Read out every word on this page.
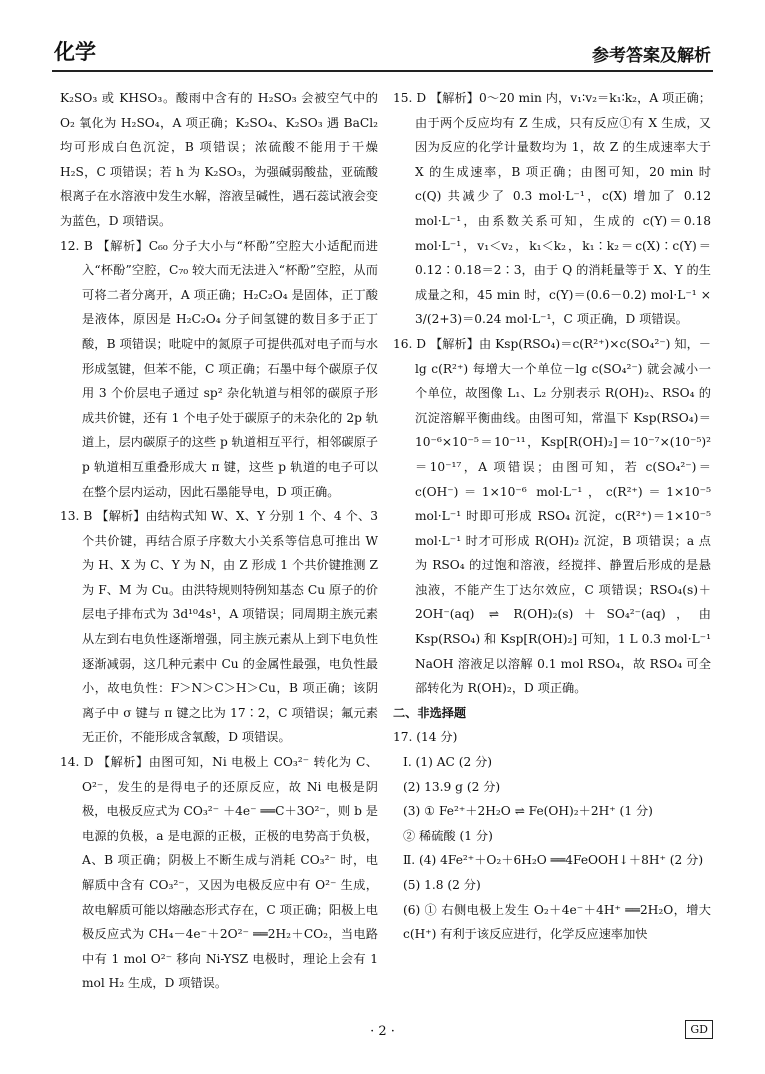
化学	参考答案及解析

K₂SO₃ 或 KHSO₃。酸雨中含有的 H₂SO₃ 会被空气中的 O₂ 氧化为 H₂SO₄，A 项正确；K₂SO₄、K₂SO₃ 遇 BaCl₂ 均可形成白色沉淀，B 项错误；浓硫酸不能用于干燥 H₂S，C 项错误；若 h 为 K₂SO₃，为强碱弱酸盐，亚硫酸根离子在水溶液中发生水解，溶液呈碱性，遇石蕊试液会变为蓝色，D 项错误。

12. B 【解析】C₆₀ 分子大小与“杯酚”空腔大小适配而进入“杯酚”空腔，C₇₀ 较大而无法进入“杯酚”空腔，从而可将二者分离开，A 项正确；H₂C₂O₄ 是固体，正丁酸是液体，原因是 H₂C₂O₄ 分子间氢键的数目多于正丁酸，B 项错误；吡啶中的氮原子可提供孤对电子而与水形成氢键，但苯不能，C 项正确；石墨中每个碳原子仅用 3 个价层电子通过 sp² 杂化轨道与相邻的碳原子形成共价键，还有 1 个电子处于碳原子的未杂化的 2p 轨道上，层内碳原子的这些 p 轨道相互平行，相邻碳原子 p 轨道相互重叠形成大 π 键，这些 p 轨道的电子可以在整个层内运动，因此石墨能导电，D 项正确。

13. B 【解析】由结构式知 W、X、Y 分别 1 个、4 个、3 个共价键，再结合原子序数大小关系等信息可推出 W 为 H、X 为 C、Y 为 N，由 Z 形成 1 个共价键推测 Z 为 F、M 为 Cu。由洪特规则特例知基态 Cu 原子的价层电子排布式为 3d¹⁰4s¹，A 项错误；同周期主族元素从左到右电负性逐渐增强，同主族元素从上到下电负性逐渐减弱，这几种元素中 Cu 的金属性最强，电负性最小，故电负性：F＞N＞C＞H＞Cu，B 项正确；该阴离子中 σ 键与 π 键之比为 17∶2，C 项错误；氟元素无正价，不能形成含氧酸，D 项错误。

14. D 【解析】由图可知，Ni 电极上 CO₃²⁻ 转化为 C、O²⁻，发生的是得电子的还原反应，故 Ni 电极是阴极，电极反应式为 CO₃²⁻ ＋4e⁻ ══C＋3O²⁻，则 b 是电源的负极，a 是电源的正极，正极的电势高于负极，A、B 项正确；阴极上不断生成与消耗 CO₃²⁻ 时，电解质中含有 CO₃²⁻，又因为电极反应中有 O²⁻ 生成，故电解质可能以熔融态形式存在，C 项正确；阳极上电极反应式为 CH₄－4e⁻＋2O²⁻ ══2H₂＋CO₂，当电路中有 1 mol O²⁻ 移向 Ni-YSZ 电极时，理论上会有 1 mol H₂ 生成，D 项错误。

15. D 【解析】0～20 min 内，v₁∶v₂＝k₁∶k₂，A 项正确；由于两个反应均有 Z 生成，只有反应①有 X 生成，又因为反应的化学计量数均为 1，故 Z 的生成速率大于 X 的生成速率，B 项正确；由图可知，20 min 时 c(Q) 共减少了 0.3 mol·L⁻¹，c(X) 增加了 0.12 mol·L⁻¹，由系数关系可知，生成的 c(Y)＝0.18 mol·L⁻¹，v₁＜v₂，k₁＜k₂，k₁∶k₂＝c(X)∶c(Y)＝0.12∶0.18＝2∶3，由于 Q 的消耗量等于 X、Y 的生成量之和，45 min 时，c(Y)＝(0.6－0.2) mol·L⁻¹ × 3/(2+3)＝0.24 mol·L⁻¹，C 项正确，D 项错误。

16. D 【解析】由 Ksp(RSO₄)＝c(R²⁺)×c(SO₄²⁻) 知，－lg c(R²⁺) 每增大一个单位－lg c(SO₄²⁻) 就会减小一个单位，故图像 L₁、L₂ 分别表示 R(OH)₂、RSO₄ 的沉淀溶解平衡曲线。由图可知，常温下 Ksp(RSO₄)＝10⁻⁶×10⁻⁵＝10⁻¹¹，Ksp[R(OH)₂]＝10⁻⁷×(10⁻⁵)²＝10⁻¹⁷，A 项错误；由图可知，若 c(SO₄²⁻)＝c(OH⁻)＝1×10⁻⁶ mol·L⁻¹，c(R²⁺)＝1×10⁻⁵ mol·L⁻¹ 时即可形成 RSO₄ 沉淀，c(R²⁺)＝1×10⁻⁵ mol·L⁻¹ 时才可形成 R(OH)₂ 沉淀，B 项错误；a 点为 RSO₄ 的过饱和溶液，经搅拌、静置后形成的是悬浊液，不能产生丁达尔效应，C 项错误；RSO₄(s)＋2OH⁻(aq) ⇌ R(OH)₂(s)＋SO₄²⁻(aq)，由 Ksp(RSO₄) 和 Ksp[R(OH)₂] 可知，1 L 0.3 mol·L⁻¹ NaOH 溶液足以溶解 0.1 mol RSO₄，故 RSO₄ 可全部转化为 R(OH)₂，D 项正确。

二、非选择题

17. (14 分)

Ⅰ. (1) AC (2 分)

(2) 13.9 g (2 分)

(3) ① Fe²⁺＋2H₂O ⇌ Fe(OH)₂＋2H⁺ (1 分)

② 稀硫酸 (1 分)

Ⅱ. (4) 4Fe²⁺＋O₂＋6H₂O ══4FeOOH↓＋8H⁺ (2 分)

(5) 1.8 (2 分)

(6) ① 右侧电极上发生 O₂＋4e⁻＋4H⁺ ══2H₂O，增大 c(H⁺) 有利于该反应进行，化学反应速率加快

· 2 ·	GD
